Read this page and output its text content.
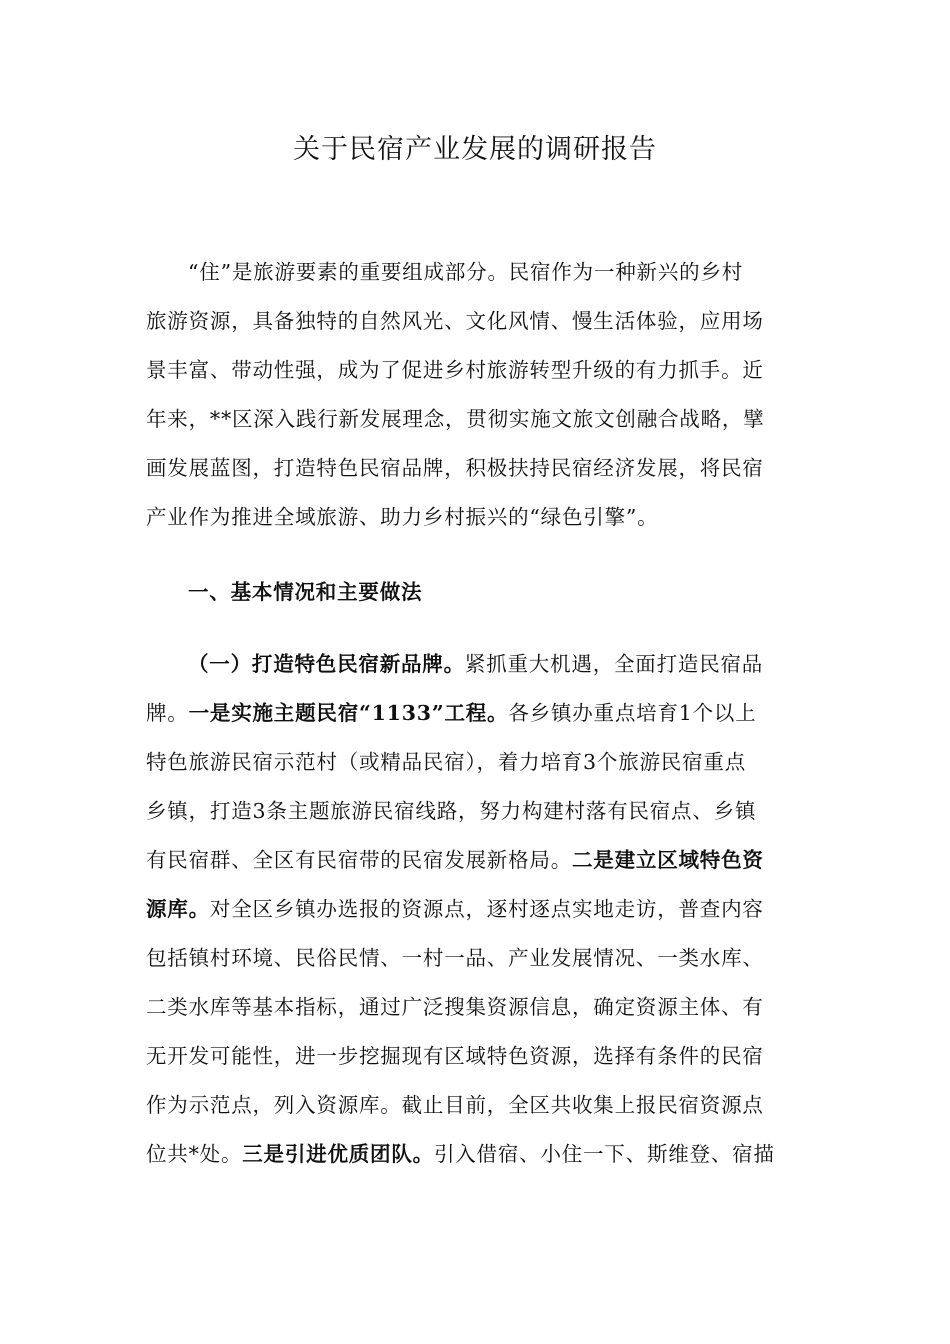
关于民宿产业发展的调研报告
“住”是旅游要素的重要组成部分。民宿作为一种新兴的乡村
旅游资源，具备独特的自然风光、文化风情、慢生活体验，应用场
景丰富、带动性强，成为了促进乡村旅游转型升级的有力抓手。近
年来，**区深入践行新发展理念，贯彻实施文旅文创融合战略，擘
画发展蓝图，打造特色民宿品牌，积极扶持民宿经济发展，将民宿
产业作为推进全域旅游、助力乡村振兴的“绿色引擎”。
一、基本情况和主要做法
（一）打造特色民宿新品牌。紧抓重大机遇，全面打造民宿品
牌。一是实施主题民宿“1133”工程。各乡镇办重点培育1个以上
特色旅游民宿示范村（或精品民宿），着力培育3个旅游民宿重点
乡镇，打造3条主题旅游民宿线路，努力构建村落有民宿点、乡镇
有民宿群、全区有民宿带的民宿发展新格局。二是建立区域特色资
源库。对全区乡镇办选报的资源点，逐村逐点实地走访，普查内容
包括镇村环境、民俗民情、一村一品、产业发展情况、一类水库、
二类水库等基本指标，通过广泛搜集资源信息，确定资源主体、有
无开发可能性，进一步挖掘现有区域特色资源，选择有条件的民宿
作为示范点，列入资源库。截止目前，全区共收集上报民宿资源点
位共*处。三是引进优质团队。引入借宿、小住一下、斯维登、宿描
